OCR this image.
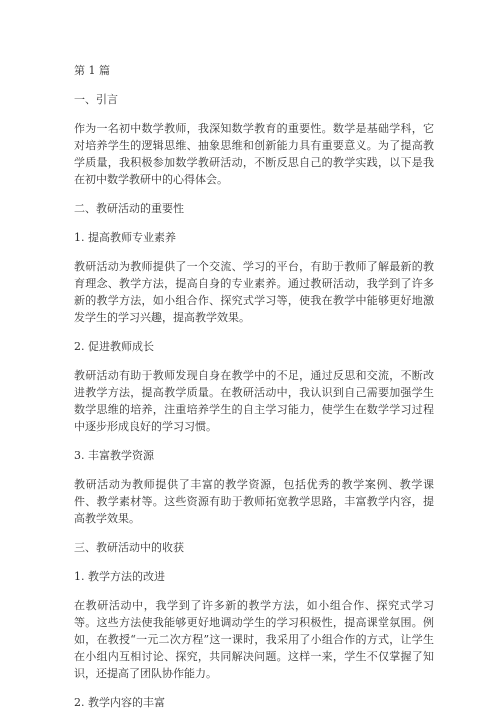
第 1 篇
一、引言

作为一名初中数学教师，我深知数学教育的重要性。数学是基础学科，它对培养学生的逻辑思维、抽象思维和创新能力具有重要意义。为了提高教学质量，我积极参加数学教研活动，不断反思自己的教学实践，以下是我在初中数学教研中的心得体会。

二、教研活动的重要性
1. 提高教师专业素养

教研活动为教师提供了一个交流、学习的平台，有助于教师了解最新的教育理念、教学方法，提高自身的专业素养。通过教研活动，我学到了许多新的教学方法，如小组合作、探究式学习等，使我在教学中能够更好地激发学生的学习兴趣，提高教学效果。

2. 促进教师成长

教研活动有助于教师发现自身在教学中的不足，通过反思和交流，不断改进教学方法，提高教学质量。在教研活动中，我认识到自己需要加强学生数学思维的培养，注重培养学生的自主学习能力，使学生在数学学习过程中逐步形成良好的学习习惯。

3. 丰富教学资源

教研活动为教师提供了丰富的教学资源，包括优秀的教学案例、教学课件、教学素材等。这些资源有助于教师拓宽教学思路，丰富教学内容，提高教学效果。

三、教研活动中的收获
1. 教学方法的改进

在教研活动中，我学到了许多新的教学方法，如小组合作、探究式学习等。这些方法使我能够更好地调动学生的学习积极性，提高课堂氛围。例如，在教授“一元二次方程”这一课时，我采用了小组合作的方式，让学生在小组内互相讨论、探究，共同解决问题。这样一来，学生不仅掌握了知识，还提高了团队协作能力。

2. 教学内容的丰富
